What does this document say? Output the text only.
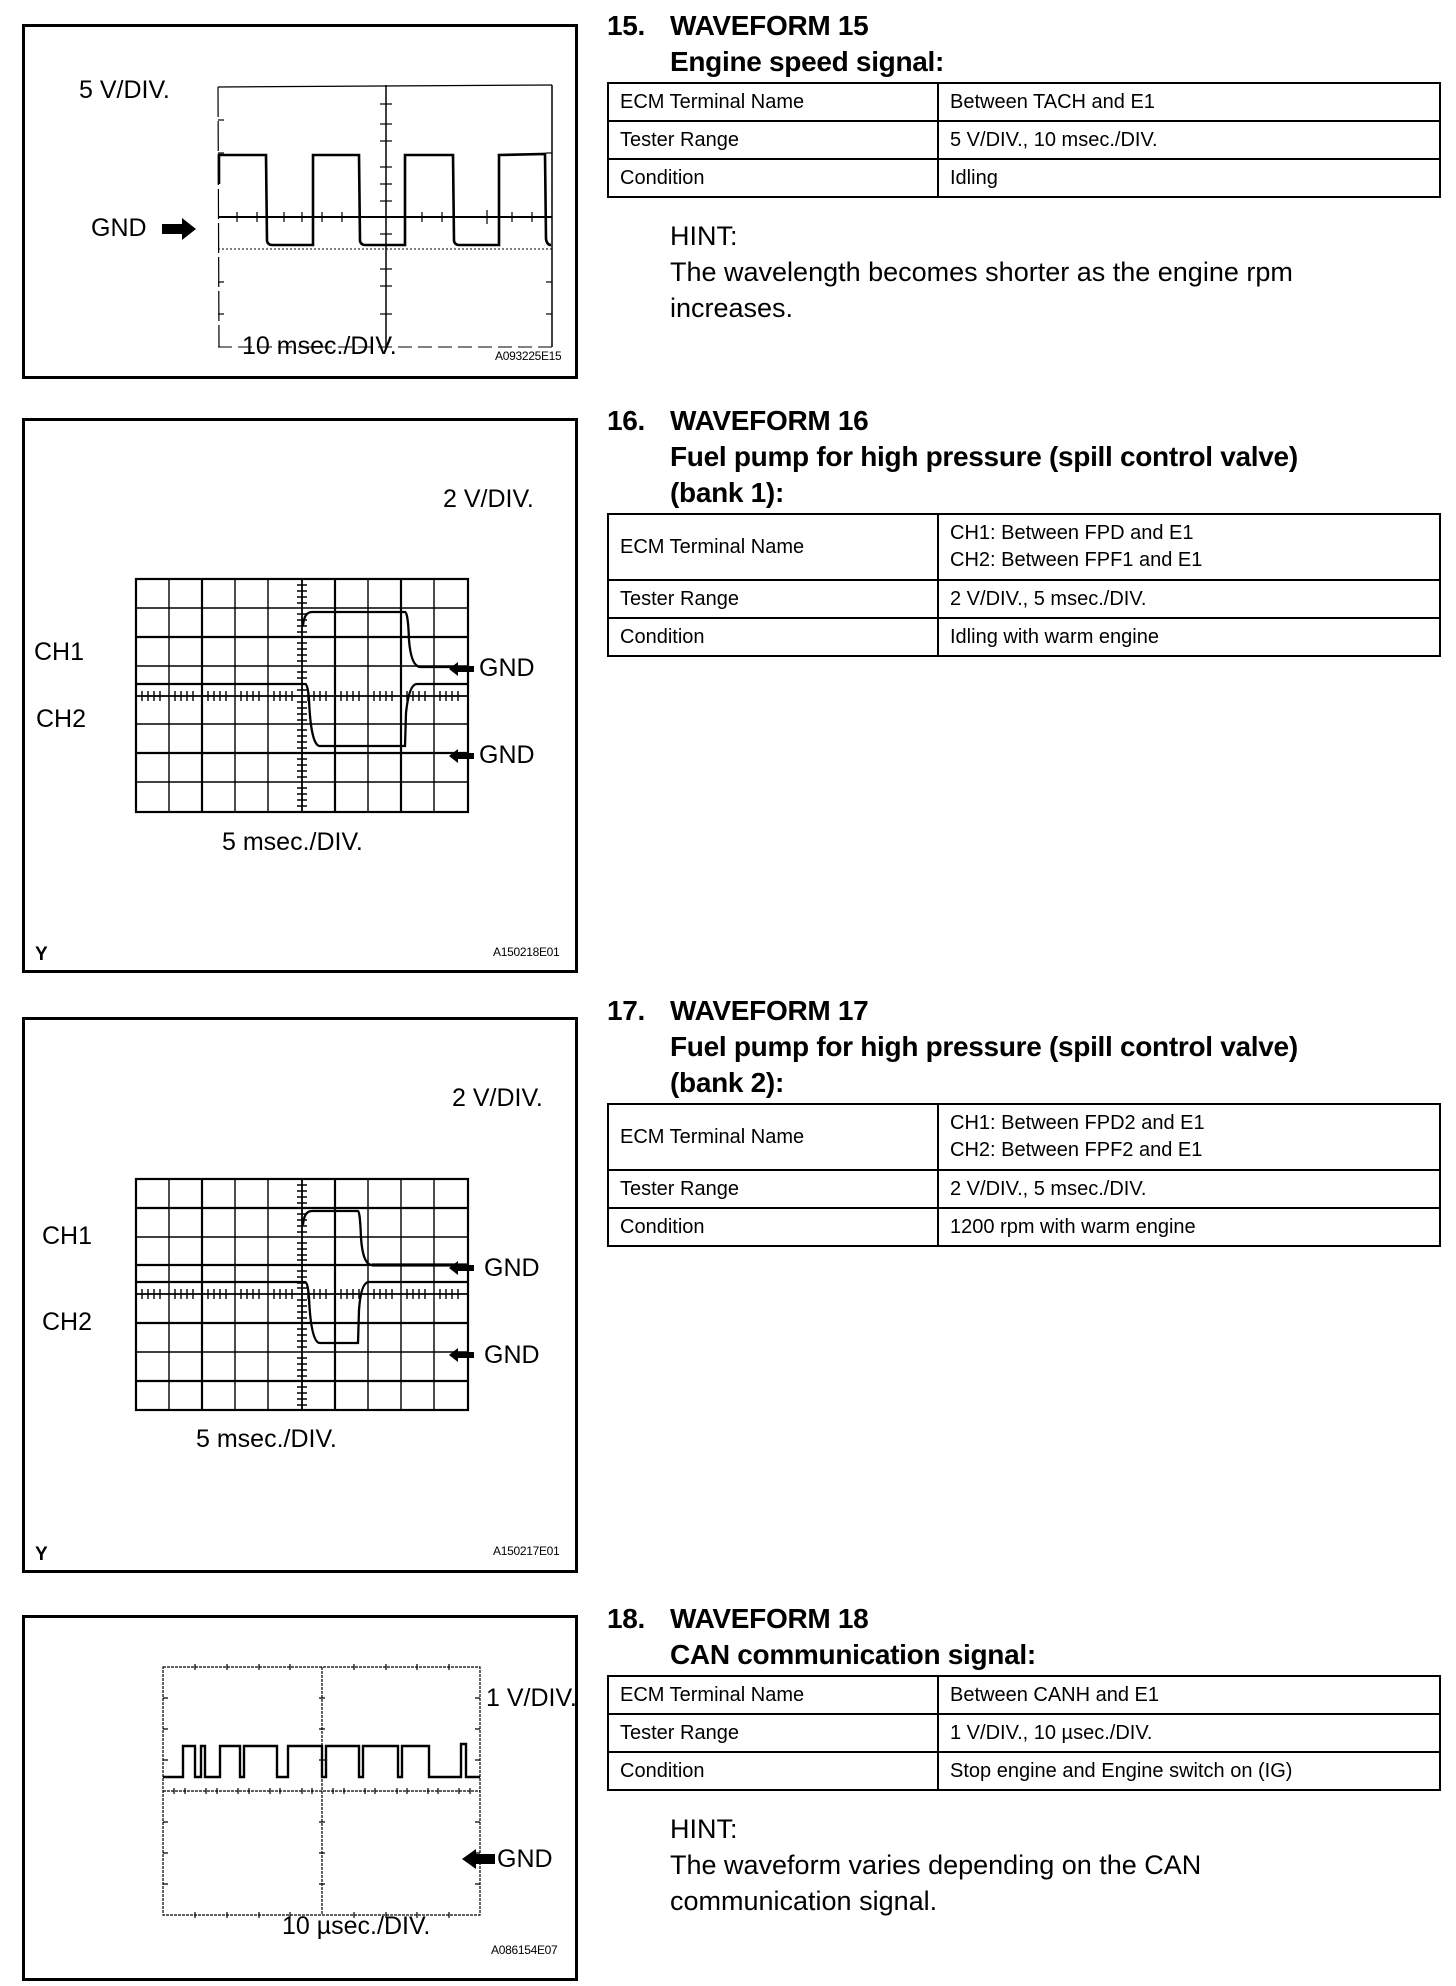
5 V/DIV.
GND
10 msec./DIV.	A093225E15
2 V/DIV.
CH1
CH2
GND
GND
5 msec./DIV.
Y	A150218E01
2 V/DIV.
CH1
CH2
GND
GND
5 msec./DIV.
Y	A150217E01
1 V/DIV.
GND
10 µsec./DIV.
A086154E07
15. WAVEFORM 15
Engine speed signal:
ECM Terminal Name	Between TACH and E1
Tester Range	5 V/DIV., 10 msec./DIV.
Condition	Idling
HINT:
The wavelength becomes shorter as the engine rpm increases.
16. WAVEFORM 16
Fuel pump for high pressure (spill control valve)
(bank 1):
ECM Terminal Name	CH1: Between FPD and E1
CH2: Between FPF1 and E1

Tester Range	2 V/DIV., 5 msec./DIV.
Condition	Idling with warm engine
17. WAVEFORM 17
Fuel pump for high pressure (spill control valve)
(bank 2):
ECM Terminal Name	CH1: Between FPD2 and E1
CH2: Between FPF2 and E1

Tester Range	2 V/DIV., 5 msec./DIV.
Condition	1200 rpm with warm engine
18. WAVEFORM 18
CAN communication signal:
ECM Terminal Name	Between CANH and E1
Tester Range	1 V/DIV., 10 µsec./DIV.
Condition	Stop engine and Engine switch on (IG)
HINT:
The waveform varies depending on the CAN communication signal.
